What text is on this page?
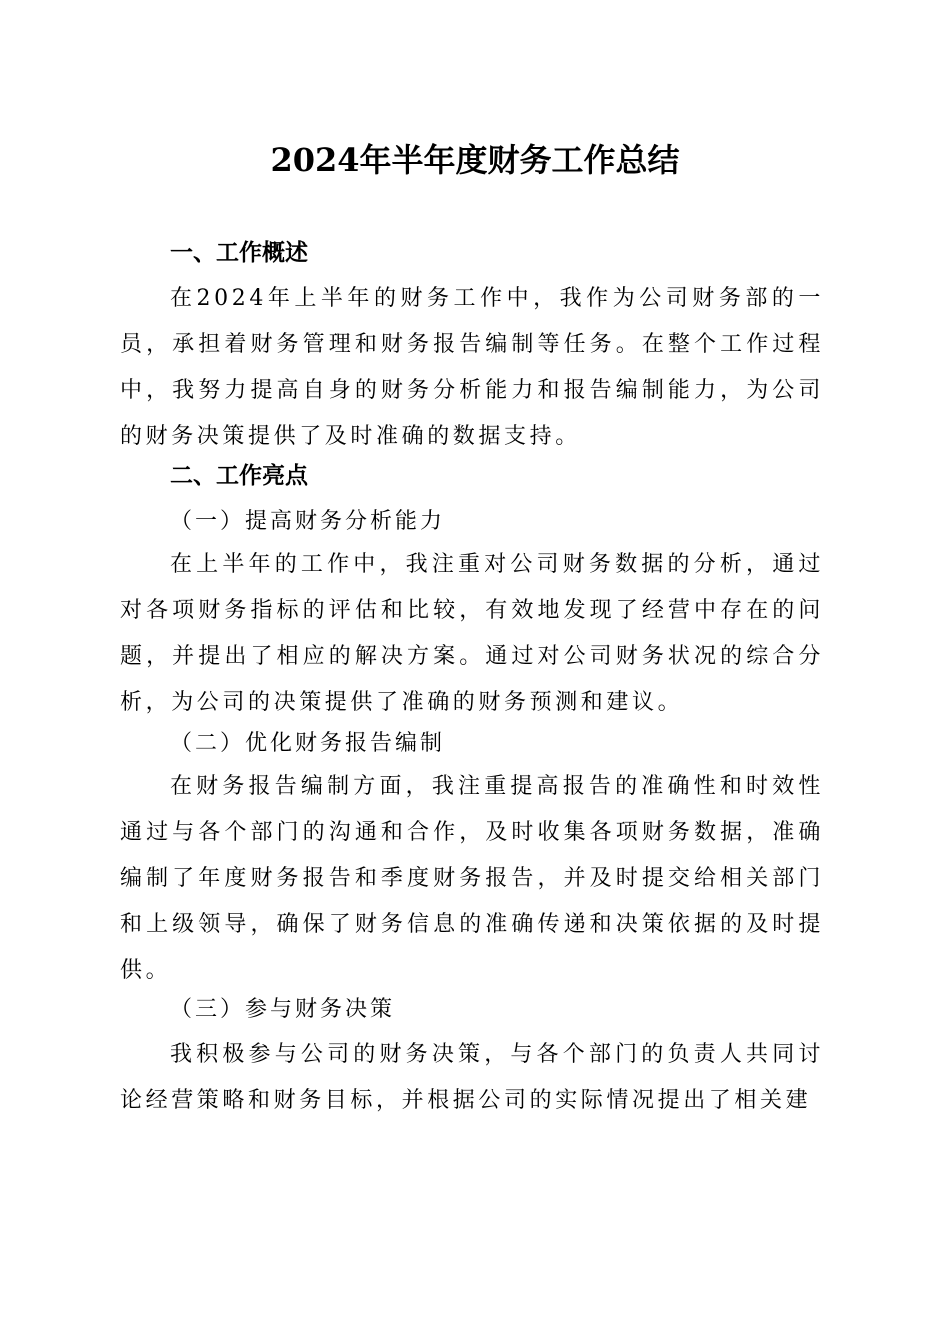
2024年半年度财务工作总结
一、工作概述

在2024年上半年的财务工作中，我作为公司财务部的一员，承担着财务管理和财务报告编制等任务。在整个工作过程中，我努力提高自身的财务分析能力和报告编制能力，为公司的财务决策提供了及时准确的数据支持。

二、工作亮点
（一）提高财务分析能力

在上半年的工作中，我注重对公司财务数据的分析，通过对各项财务指标的评估和比较，有效地发现了经营中存在的问题，并提出了相应的解决方案。通过对公司财务状况的综合分析，为公司的决策提供了准确的财务预测和建议。

（二）优化财务报告编制

在财务报告编制方面，我注重提高报告的准确性和时效性通过与各个部门的沟通和合作，及时收集各项财务数据，准确编制了年度财务报告和季度财务报告，并及时提交给相关部门和上级领导，确保了财务信息的准确传递和决策依据的及时提供。

（三）参与财务决策

我积极参与公司的财务决策，与各个部门的负责人共同讨论经营策略和财务目标，并根据公司的实际情况提出了相关建
